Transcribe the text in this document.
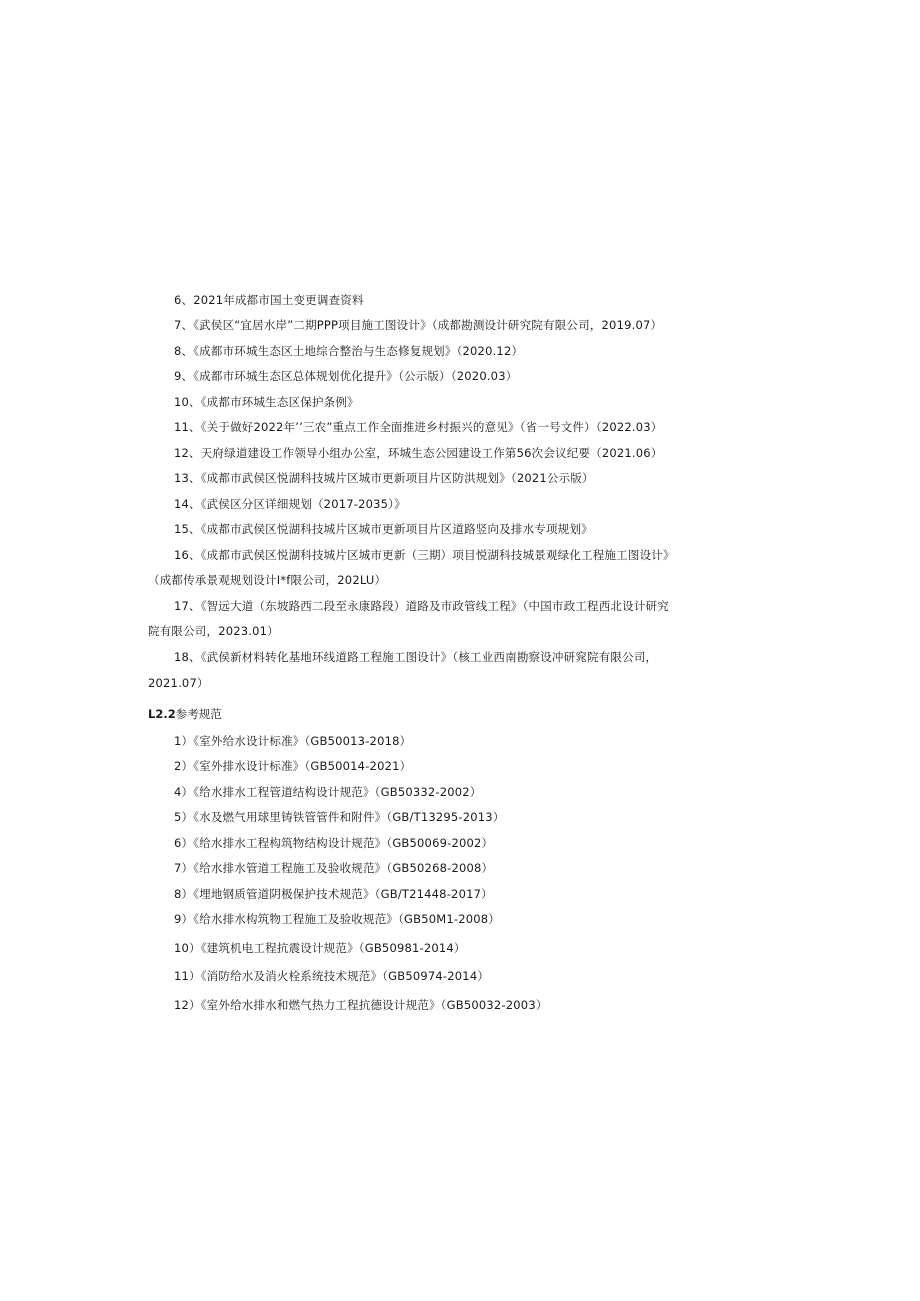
6、2021年成都市国土变更调查资料
7、《武侯区“宜居水岸”二期PPP项目施工图设计》（成都勘测设计研究院有限公司，2019.07）
8、《成都市环城生态区土地综合整治与生态修复规划》（2020.12）
9、《成都市环城生态区总体规划优化提升》（公示版）（2020.03）
10、《成都市环城生态区保护条例》
11、《关于做好2022年’’三农”重点工作全面推进乡村振兴的意见》（省一号文件）（2022.03）
12、天府绿道建设工作领导小组办公室，环城生态公园建设工作第56次会议纪要（2021.06）
13、《成都市武侯区悦湖科技城片区城市更新项目片区防洪规划》（2021公示版）
14、《武侯区分区详细规划（2017-2035）》
15、《成都市武侯区悦湖科技城片区城市更新项目片区道路竖向及排水专项规划》
16、《成都市武侯区悦湖科技城片区城市更新（三期）项目悦湖科技城景观绿化工程施工图设计》
（成都传承景观规划设计I*f限公司，202LU）
17、《智远大道（东坡路西二段至永康路段）道路及市政管线工程》（中国市政工程西北设计研究
院有限公司，2023.01）
18、《武侯新材料转化基地环线道路工程施工图设计》（核工业西南勘察设冲研窕院有限公司，
2021.07）
L2.2参考规范
1）《室外给水设计标准》（GB50013-2018）
2）《室外排水设计标准》（GB50014-2021）
4）《给水排水工程管道结构设计规范》（GB50332-2002）
5）《水及燃气用球里铸铁管管件和附件》（GB/T13295-2013）
6）《给水排水工程构筑物结构设计规范》（GB50069-2002）
7）《给水排水管道工程施工及验收规范》（GB50268-2008）
8）《埋地钢质管道阴极保护技术规范》（GB/T21448-2017）
9）《给水排水构筑物工程施工及验收规范》（GB50M1-2008）
10）《建筑机电工程抗震设计规范》（GB50981-2014）
11）《消防给水及消火栓系统技术规范》（GB50974-2014）
12）《室外给水排水和燃气热力工程抗德设计规范》（GB50032-2003）
